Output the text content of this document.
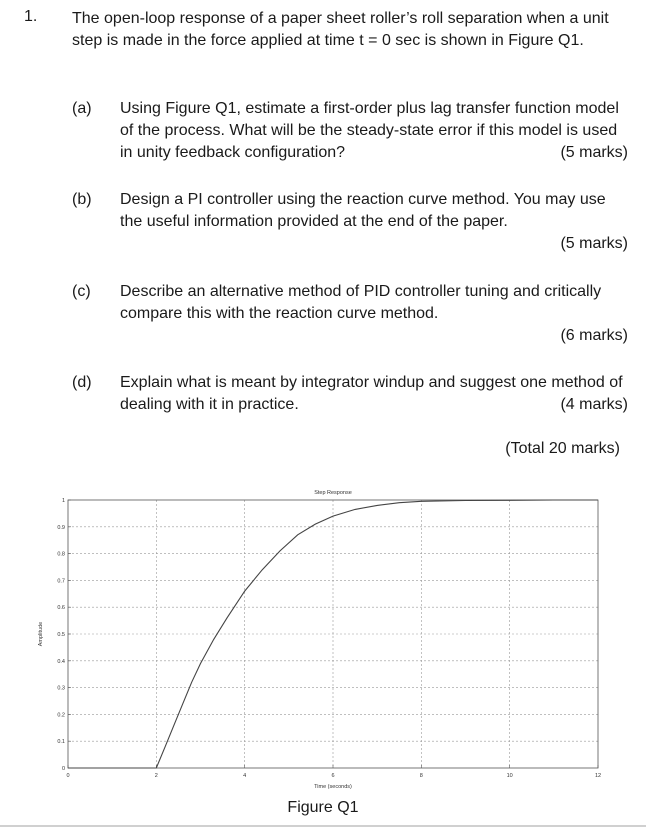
1. The open-loop response of a paper sheet roller’s roll separation when a unit step is made in the force applied at time t = 0 sec is shown in Figure Q1.
(a) Using Figure Q1, estimate a first-order plus lag transfer function model of the process. What will be the steady-state error if this model is used in unity feedback configuration?	(5 marks)
(b) Design a PI controller using the reaction curve method. You may use the useful information provided at the end of the paper.
(5 marks)
(c) Describe an alternative method of PID controller tuning and critically compare this with the reaction curve method.
(6 marks)
(d) Explain what is meant by integrator windup and suggest one method of dealing with it in practice.	(4 marks)
(Total 20 marks)
0	2	4	6	8	10	12
0
0.1
0.2
0.3
0.4
0.5
0.6
0.7
0.8
0.9
1
Step Response
Time (seconds)
Amplitude
Figure Q1
